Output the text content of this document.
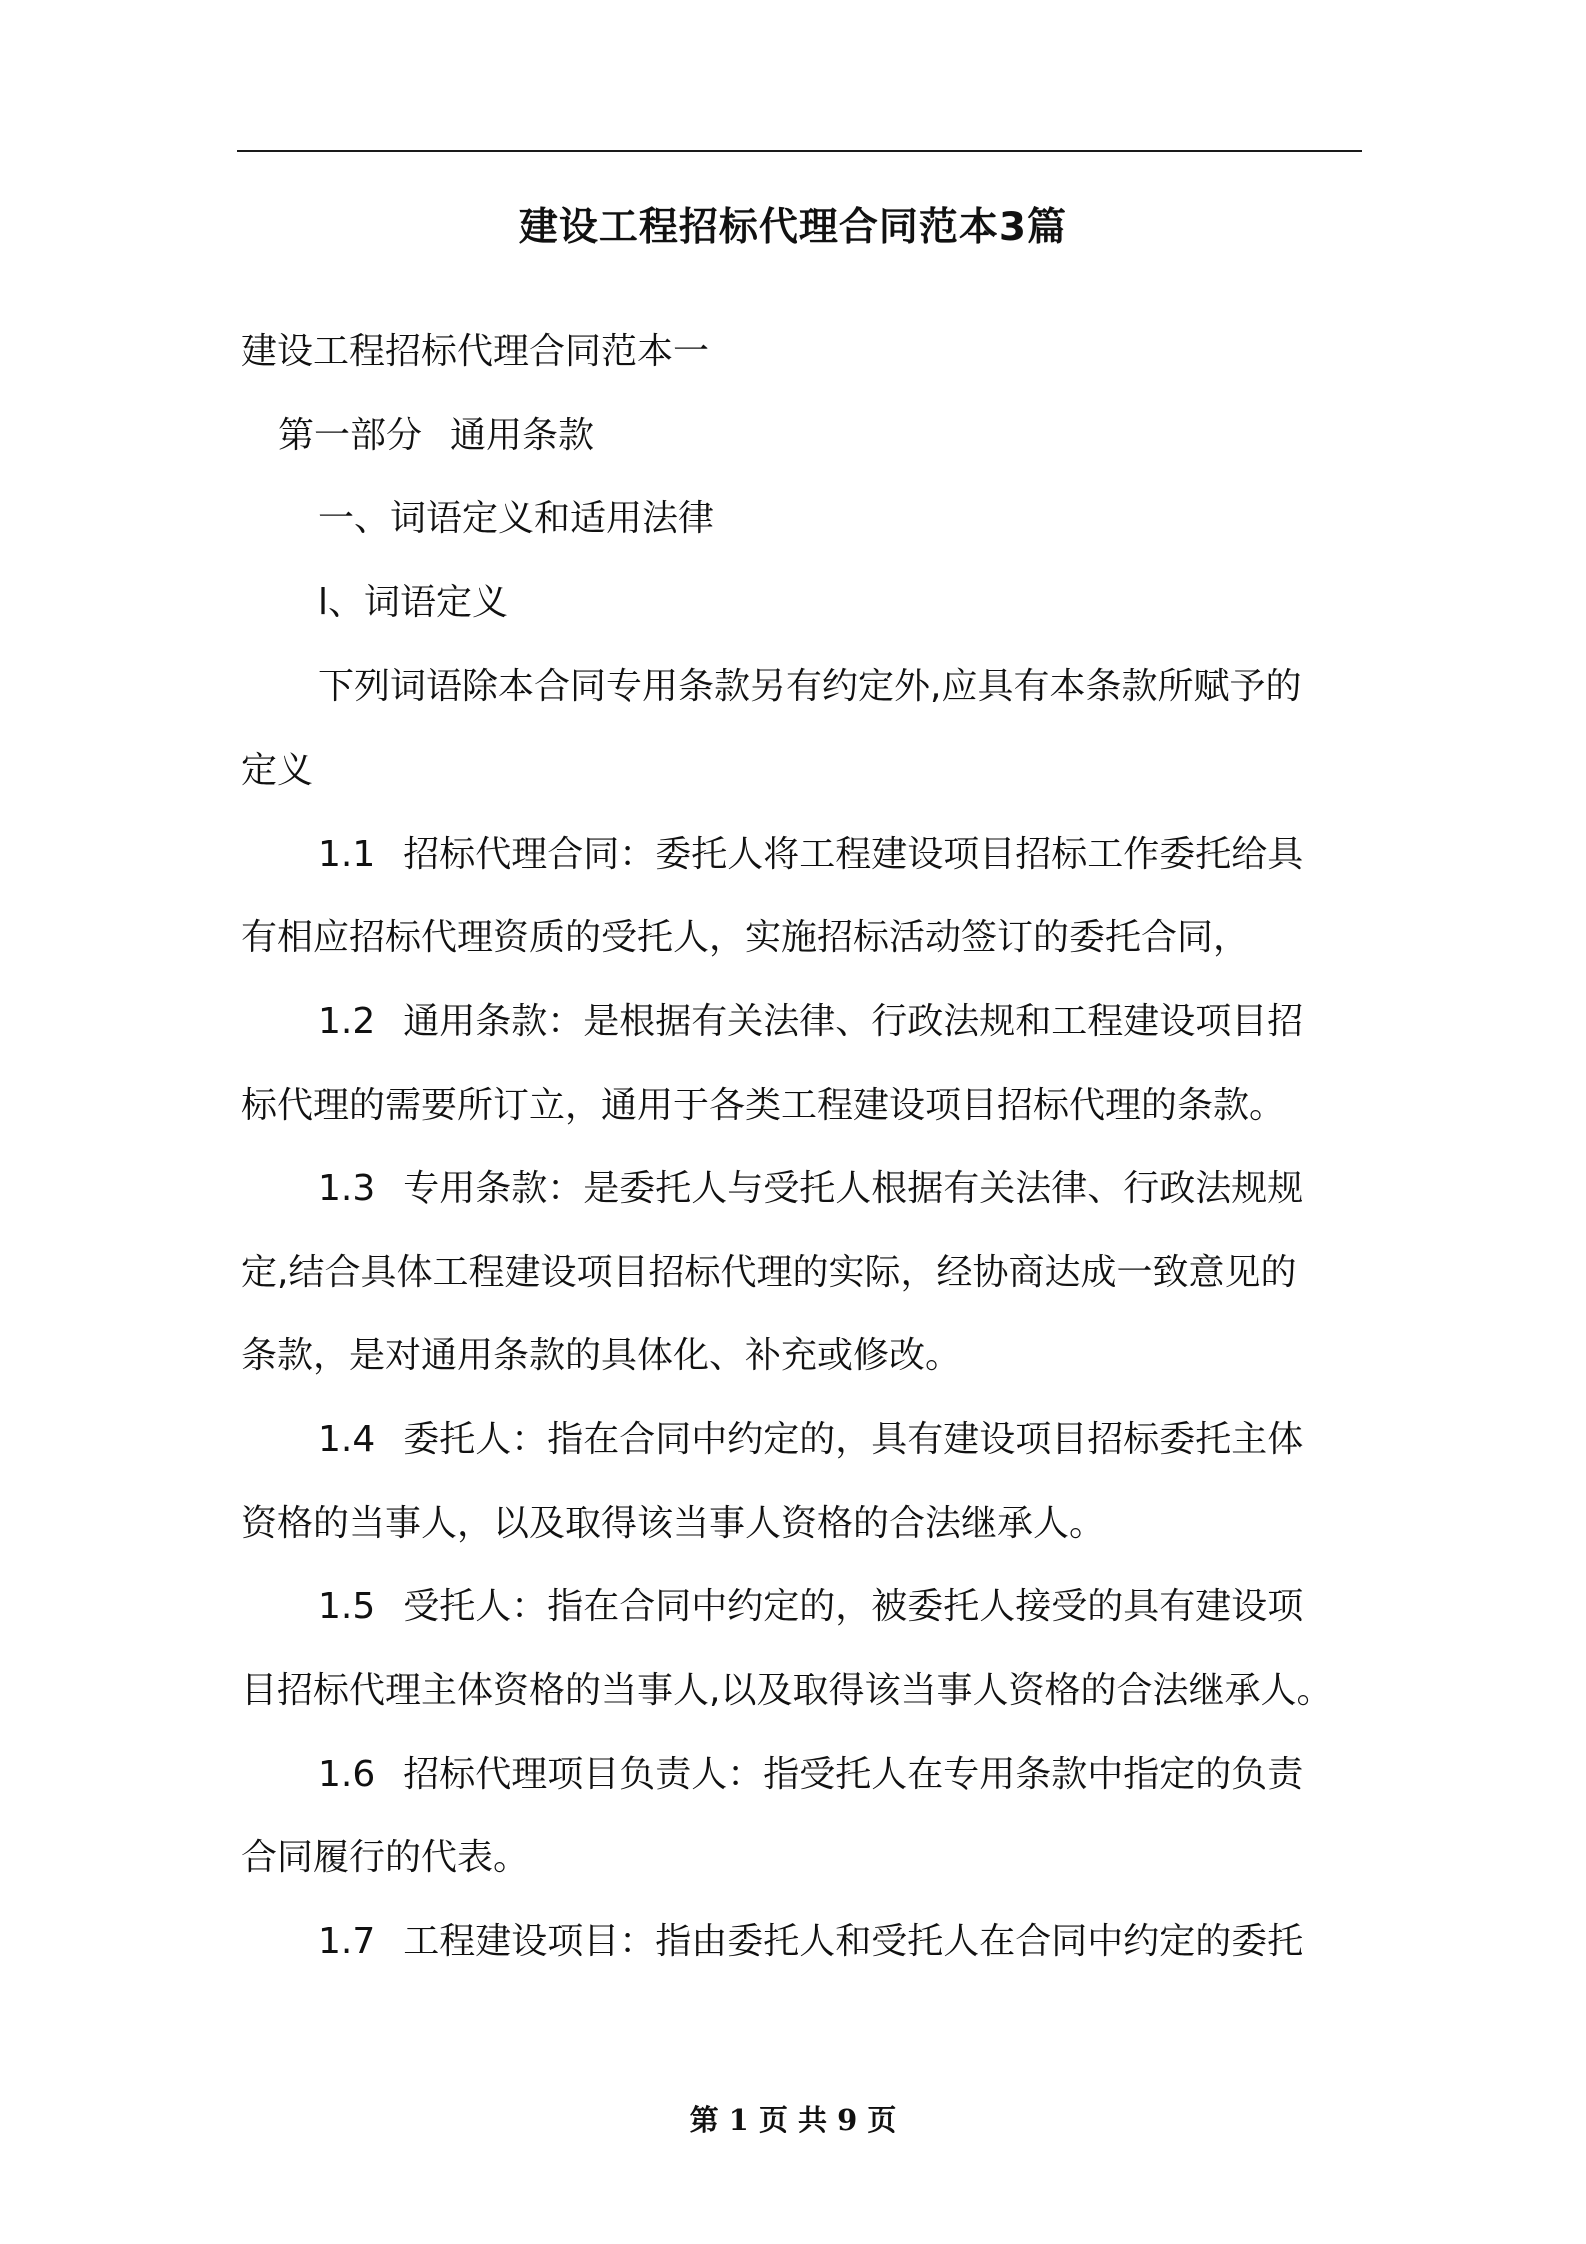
建设工程招标代理合同范本3篇
建设工程招标代理合同范本一
第一部分 通用条款
一、词语定义和适用法律
l、词语定义
下列词语除本合同专用条款另有约定外,应具有本条款所赋予的
定义
1.1 招标代理合同：委托人将工程建设项目招标工作委托给具
有相应招标代理资质的受托人，实施招标活动签订的委托合同，
1.2 通用条款：是根据有关法律、行政法规和工程建设项目招
标代理的需要所订立，通用于各类工程建设项目招标代理的条款。
1.3 专用条款：是委托人与受托人根据有关法律、行政法规规
定,结合具体工程建设项目招标代理的实际，经协商达成一致意见的
条款，是对通用条款的具体化、补充或修改。
1.4 委托人：指在合同中约定的，具有建设项目招标委托主体
资格的当事人，以及取得该当事人资格的合法继承人。
1.5 受托人：指在合同中约定的，被委托人接受的具有建设项
目招标代理主体资格的当事人,以及取得该当事人资格的合法继承人。
1.6 招标代理项目负责人：指受托人在专用条款中指定的负责
合同履行的代表。
1.7 工程建设项目：指由委托人和受托人在合同中约定的委托
第 1 页 共 9 页
